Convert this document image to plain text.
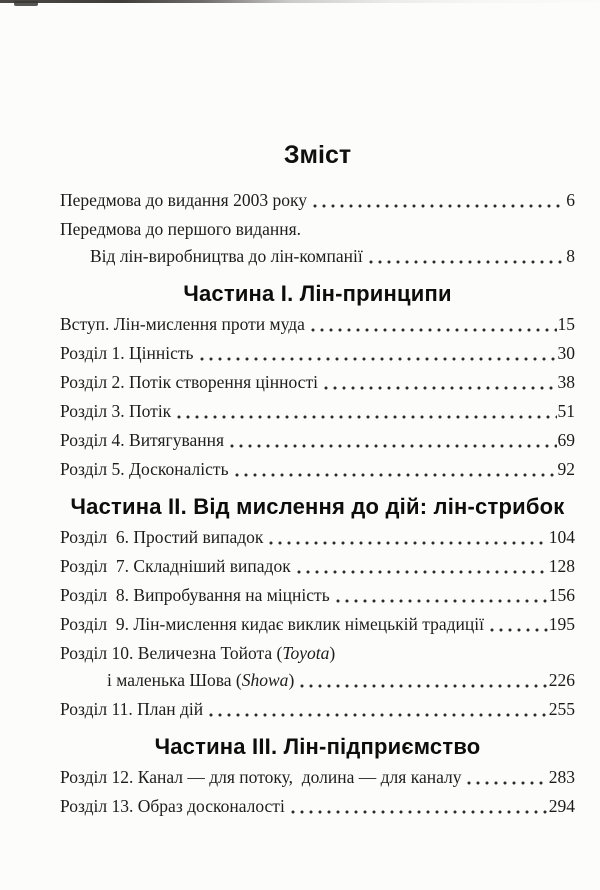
Зміст
Передмова до видання 2003 року	6
Передмова до першого видання.
Від лін-виробництва до лін-компанії	8
Частина I. Лін-принципи
Вступ. Лін-мислення проти муда	15
Розділ 1. Цінність	30
Розділ 2. Потік створення цінності	38
Розділ 3. Потік	51
Розділ 4. Витягування	69
Розділ 5. Досконалість	92
Частина II. Від мислення до дій: лін-стрибок
Розділ  6. Простий випадок	104
Розділ  7. Складніший випадок	128
Розділ  8. Випробування на міцність	156
Розділ  9. Лін-мислення кидає виклик німецькій традиції	195
Розділ 10. Величезна Тойота (Toyota)
і маленька Шова (Showa)	226
Розділ 11. План дій	255
Частина III. Лін-підприємство
Розділ 12. Канал — для потоку,  долина — для каналу	283
Розділ 13. Образ досконалості	294
